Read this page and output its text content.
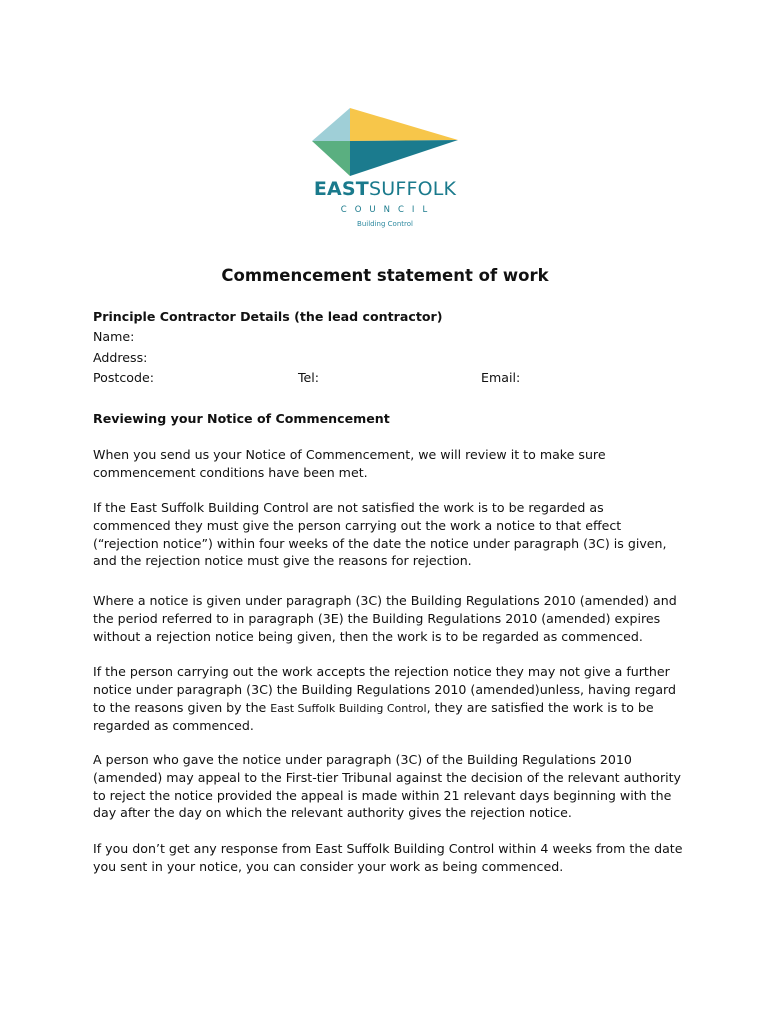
EASTSUFFOLK
COUNCIL
Building Control
Commencement statement of work

Principle Contractor Details (the lead contractor)

Name:

Address:

Postcode:	Tel:	Email:

Reviewing your Notice of Commencement

When you send us your Notice of Commencement, we will review it to make sure commencement conditions have been met.

If the East Suffolk Building Control are not satisfied the work is to be regarded as commenced they must give the person carrying out the work a notice to that effect (“rejection notice”) within four weeks of the date the notice under paragraph (3C) is given, and the rejection notice must give the reasons for rejection.

Where a notice is given under paragraph (3C) the Building Regulations 2010 (amended) and the period referred to in paragraph (3E) the Building Regulations 2010 (amended) expires without a rejection notice being given, then the work is to be regarded as commenced.

If the person carrying out the work accepts the rejection notice they may not give a further notice under paragraph (3C) the Building Regulations 2010 (amended)unless, having regard to the reasons given by the East Suffolk Building Control, they are satisfied the work is to be regarded as commenced.

A person who gave the notice under paragraph (3C) of the Building Regulations 2010 (amended) may appeal to the First-tier Tribunal against the decision of the relevant authority to reject the notice provided the appeal is made within 21 relevant days beginning with the day after the day on which the relevant authority gives the rejection notice.

If you don’t get any response from East Suffolk Building Control within 4 weeks from the date you sent in your notice, you can consider your work as being commenced.
